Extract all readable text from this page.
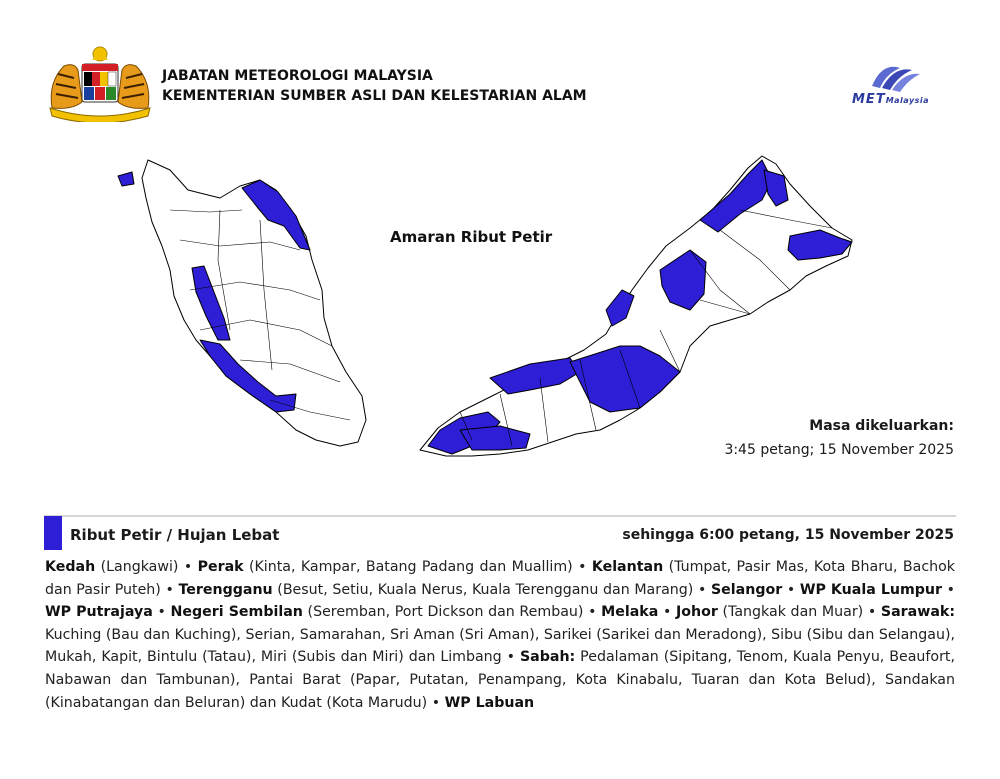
JABATAN METEOROLOGI MALAYSIA
KEMENTERIAN SUMBER ASLI DAN KELESTARIAN ALAM	METMalaysia
Amaran Ribut Petir
Masa dikeluarkan:
3:45 petang; 15 November 2025
Ribut Petir / Hujan Lebat	sehingga 6:00 petang, 15 November 2025
Kedah (Langkawi) • Perak (Kinta, Kampar, Batang Padang dan Muallim) • Kelantan (Tumpat, Pasir Mas, Kota Bharu, Bachok dan Pasir Puteh) • Terengganu (Besut, Setiu, Kuala Nerus, Kuala Terengganu dan Marang) • Selangor • WP Kuala Lumpur • WP Putrajaya • Negeri Sembilan (Seremban, Port Dickson dan Rembau) • Melaka • Johor (Tangkak dan Muar) • Sarawak: Kuching (Bau dan Kuching), Serian, Samarahan, Sri Aman (Sri Aman), Sarikei (Sarikei dan Meradong), Sibu (Sibu dan Selangau), Mukah, Kapit, Bintulu (Tatau), Miri (Subis dan Miri) dan Limbang • Sabah: Pedalaman (Sipitang, Tenom, Kuala Penyu, Beaufort, Nabawan dan Tambunan), Pantai Barat (Papar, Putatan, Penampang, Kota Kinabalu, Tuaran dan Kota Belud), Sandakan (Kinabatangan dan Beluran) dan Kudat (Kota Marudu) • WP Labuan
